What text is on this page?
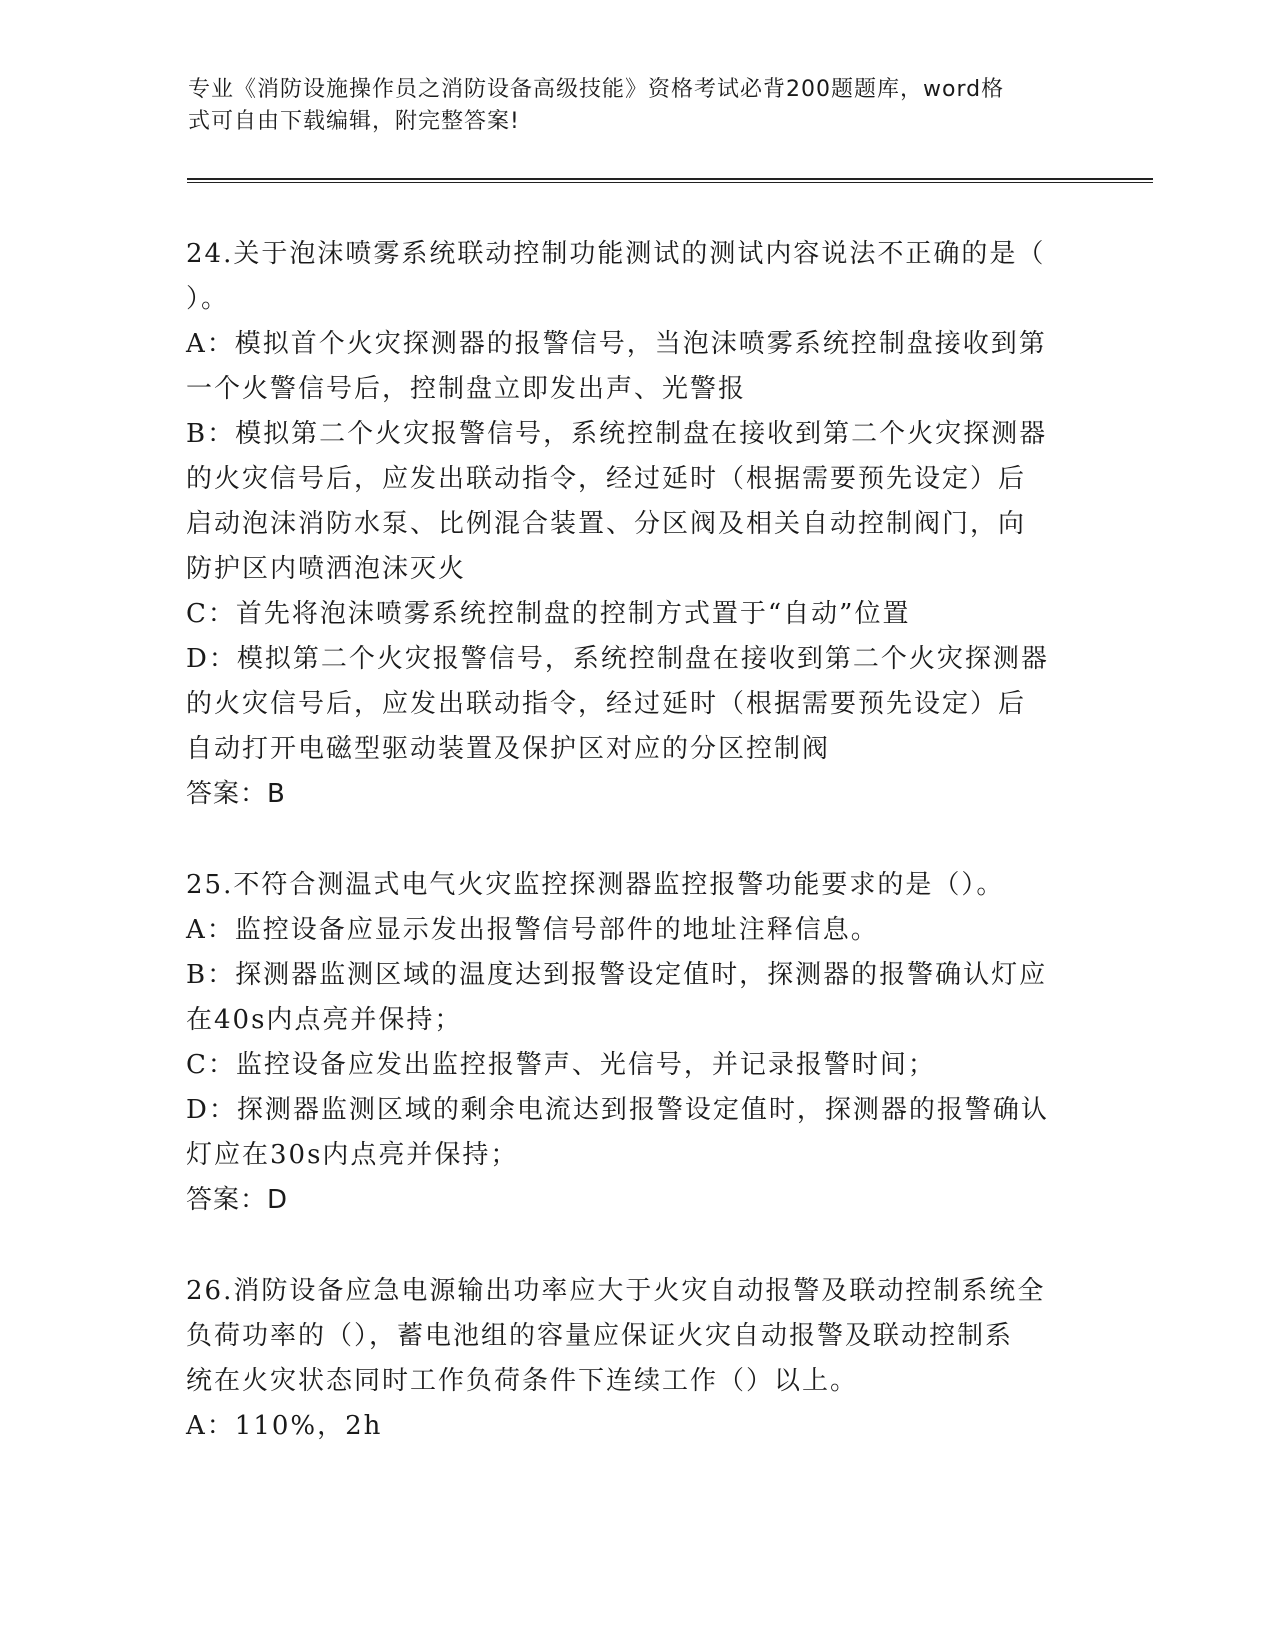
专业《消防设施操作员之消防设备高级技能》资格考试必背200题题库，word格
式可自由下载编辑，附完整答案!
24.关于泡沫喷雾系统联动控制功能测试的测试内容说法不正确的是（
）。
A：模拟首个火灾探测器的报警信号，当泡沫喷雾系统控制盘接收到第
一个火警信号后，控制盘立即发出声、光警报
B：模拟第二个火灾报警信号，系统控制盘在接收到第二个火灾探测器
的火灾信号后，应发出联动指令，经过延时（根据需要预先设定）后
启动泡沫消防水泵、比例混合装置、分区阀及相关自动控制阀门，向
防护区内喷洒泡沫灭火
C：首先将泡沫喷雾系统控制盘的控制方式置于“自动”位置
D：模拟第二个火灾报警信号，系统控制盘在接收到第二个火灾探测器
的火灾信号后，应发出联动指令，经过延时（根据需要预先设定）后
自动打开电磁型驱动装置及保护区对应的分区控制阀
答案：B
25.不符合测温式电气火灾监控探测器监控报警功能要求的是（）。
A：监控设备应显示发出报警信号部件的地址注释信息。
B：探测器监测区域的温度达到报警设定值时，探测器的报警确认灯应
在40s内点亮并保持；
C：监控设备应发出监控报警声、光信号，并记录报警时间；
D：探测器监测区域的剩余电流达到报警设定值时，探测器的报警确认
灯应在30s内点亮并保持；
答案：D
26.消防设备应急电源输出功率应大于火灾自动报警及联动控制系统全
负荷功率的（），蓄电池组的容量应保证火灾自动报警及联动控制系
统在火灾状态同时工作负荷条件下连续工作（）以上。
A：110%，2h
